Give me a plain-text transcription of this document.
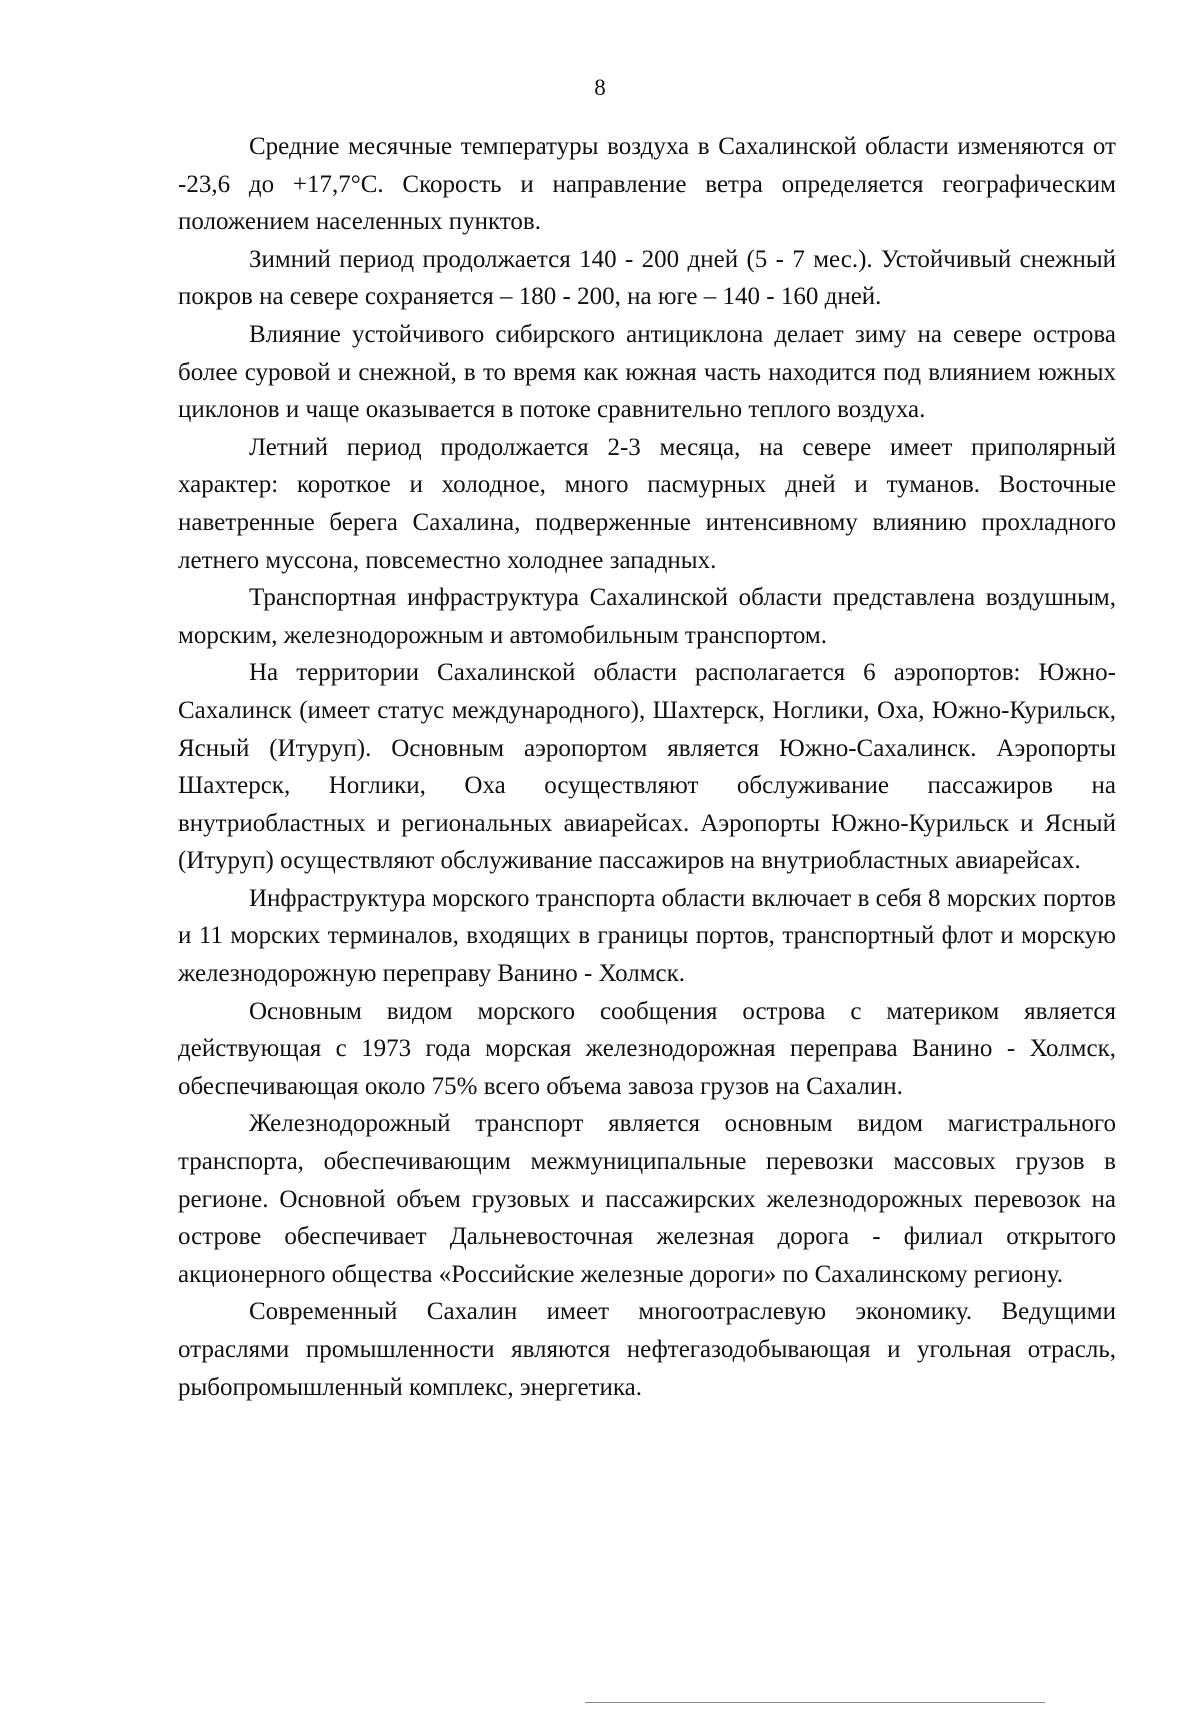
8

Средние месячные температуры воздуха в Сахалинской области изменяются от -23,6 до +17,7°С. Скорость и направление ветра определяется географическим положением населенных пунктов.

Зимний период продолжается 140 - 200 дней (5 - 7 мес.). Устойчивый снежный покров на севере сохраняется – 180 - 200, на юге – 140 - 160 дней.

Влияние устойчивого сибирского антициклона делает зиму на севере острова более суровой и снежной, в то время как южная часть находится под влиянием южных циклонов и чаще оказывается в потоке сравнительно теплого воздуха.

Летний период продолжается 2-3 месяца, на севере имеет приполярный характер: короткое и холодное, много пасмурных дней и туманов. Восточные наветренные берега Сахалина, подверженные интенсивному влиянию прохладного летнего муссона, повсеместно холоднее западных.

Транспортная инфраструктура Сахалинской области представлена воздушным, морским, железнодорожным и автомобильным транспортом.

На территории Сахалинской области располагается 6 аэропортов: Южно-Сахалинск (имеет статус международного), Шахтерск, Ноглики, Оха, Южно-Курильск, Ясный (Итуруп). Основным аэропортом является Южно-Сахалинск. Аэропорты Шахтерск, Ноглики, Оха осуществляют обслуживание пассажиров на внутриобластных и региональных авиарейсах. Аэропорты Южно-Курильск и Ясный (Итуруп) осуществляют обслуживание пассажиров на внутриобластных авиарейсах.

Инфраструктура морского транспорта области включает в себя 8 морских портов и 11 морских терминалов, входящих в границы портов, транспортный флот и морскую железнодорожную переправу Ванино - Холмск.

Основным видом морского сообщения острова с материком является действующая с 1973 года морская железнодорожная переправа Ванино - Холмск, обеспечивающая около 75% всего объема завоза грузов на Сахалин.

Железнодорожный транспорт является основным видом магистрального транспорта, обеспечивающим межмуниципальные перевозки массовых грузов в регионе. Основной объем грузовых и пассажирских железнодорожных перевозок на острове обеспечивает Дальневосточная железная дорога - филиал открытого акционерного общества «Российские железные дороги» по Сахалинскому региону.

Современный Сахалин имеет многоотраслевую экономику. Ведущими отраслями промышленности являются нефтегазодобывающая и угольная отрасль, рыбопромышленный комплекс, энергетика.
